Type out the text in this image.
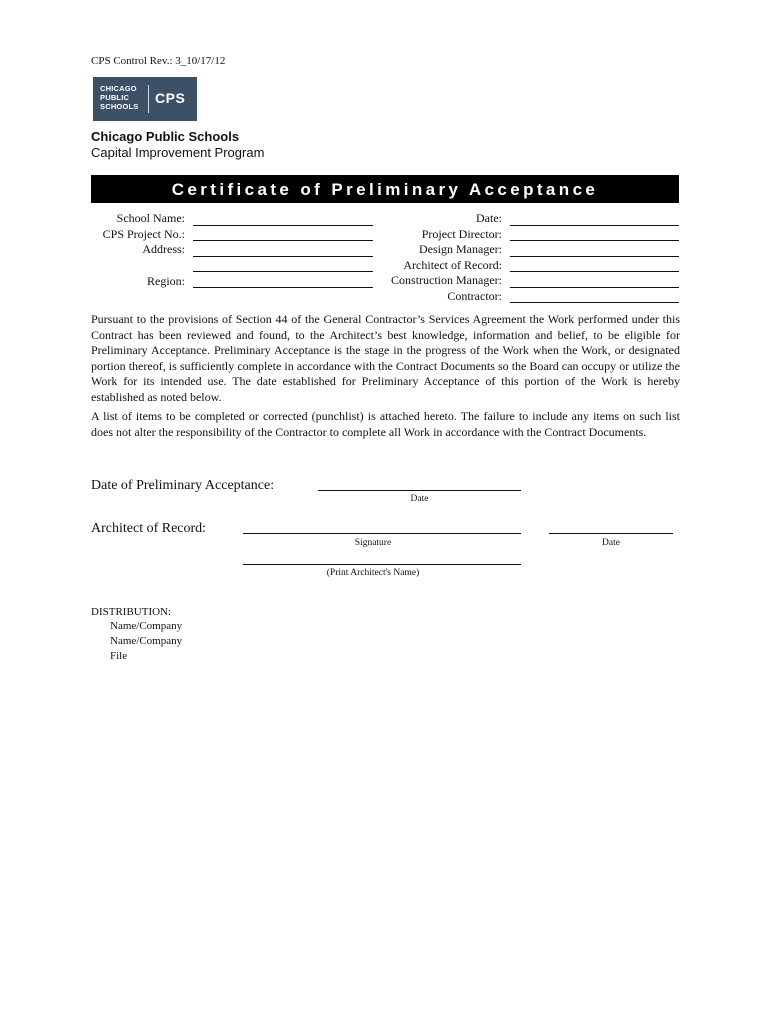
CPS Control Rev.: 3_10/17/12
CHICAGO
PUBLIC
SCHOOLS
CPS
Chicago Public Schools
Capital Improvement Program
Certificate of Preliminary Acceptance
School Name:
CPS Project No.:
Address:
Region:
Date:
Project Director:
Design Manager:
Architect of Record:
Construction Manager:
Contractor:
Pursuant to the provisions of Section 44 of the General Contractor’s Services Agreement the Work performed under this Contract has been reviewed and found, to the Architect’s best knowledge, information and belief, to be eligible for Preliminary Acceptance. Preliminary Acceptance is the stage in the progress of the Work when the Work, or designated portion thereof, is sufficiently complete in accordance with the Contract Documents so the Board can occupy or utilize the Work for its intended use. The date established for Preliminary Acceptance of this portion of the Work is hereby established as noted below.
A list of items to be completed or corrected (punchlist) is attached hereto. The failure to include any items on such list does not alter the responsibility of the Contractor to complete all Work in accordance with the Contract Documents.
Date of Preliminary Acceptance:
Date
Architect of Record:
Signature	Date
(Print Architect's Name)
DISTRIBUTION:
Name/Company
Name/Company
File
